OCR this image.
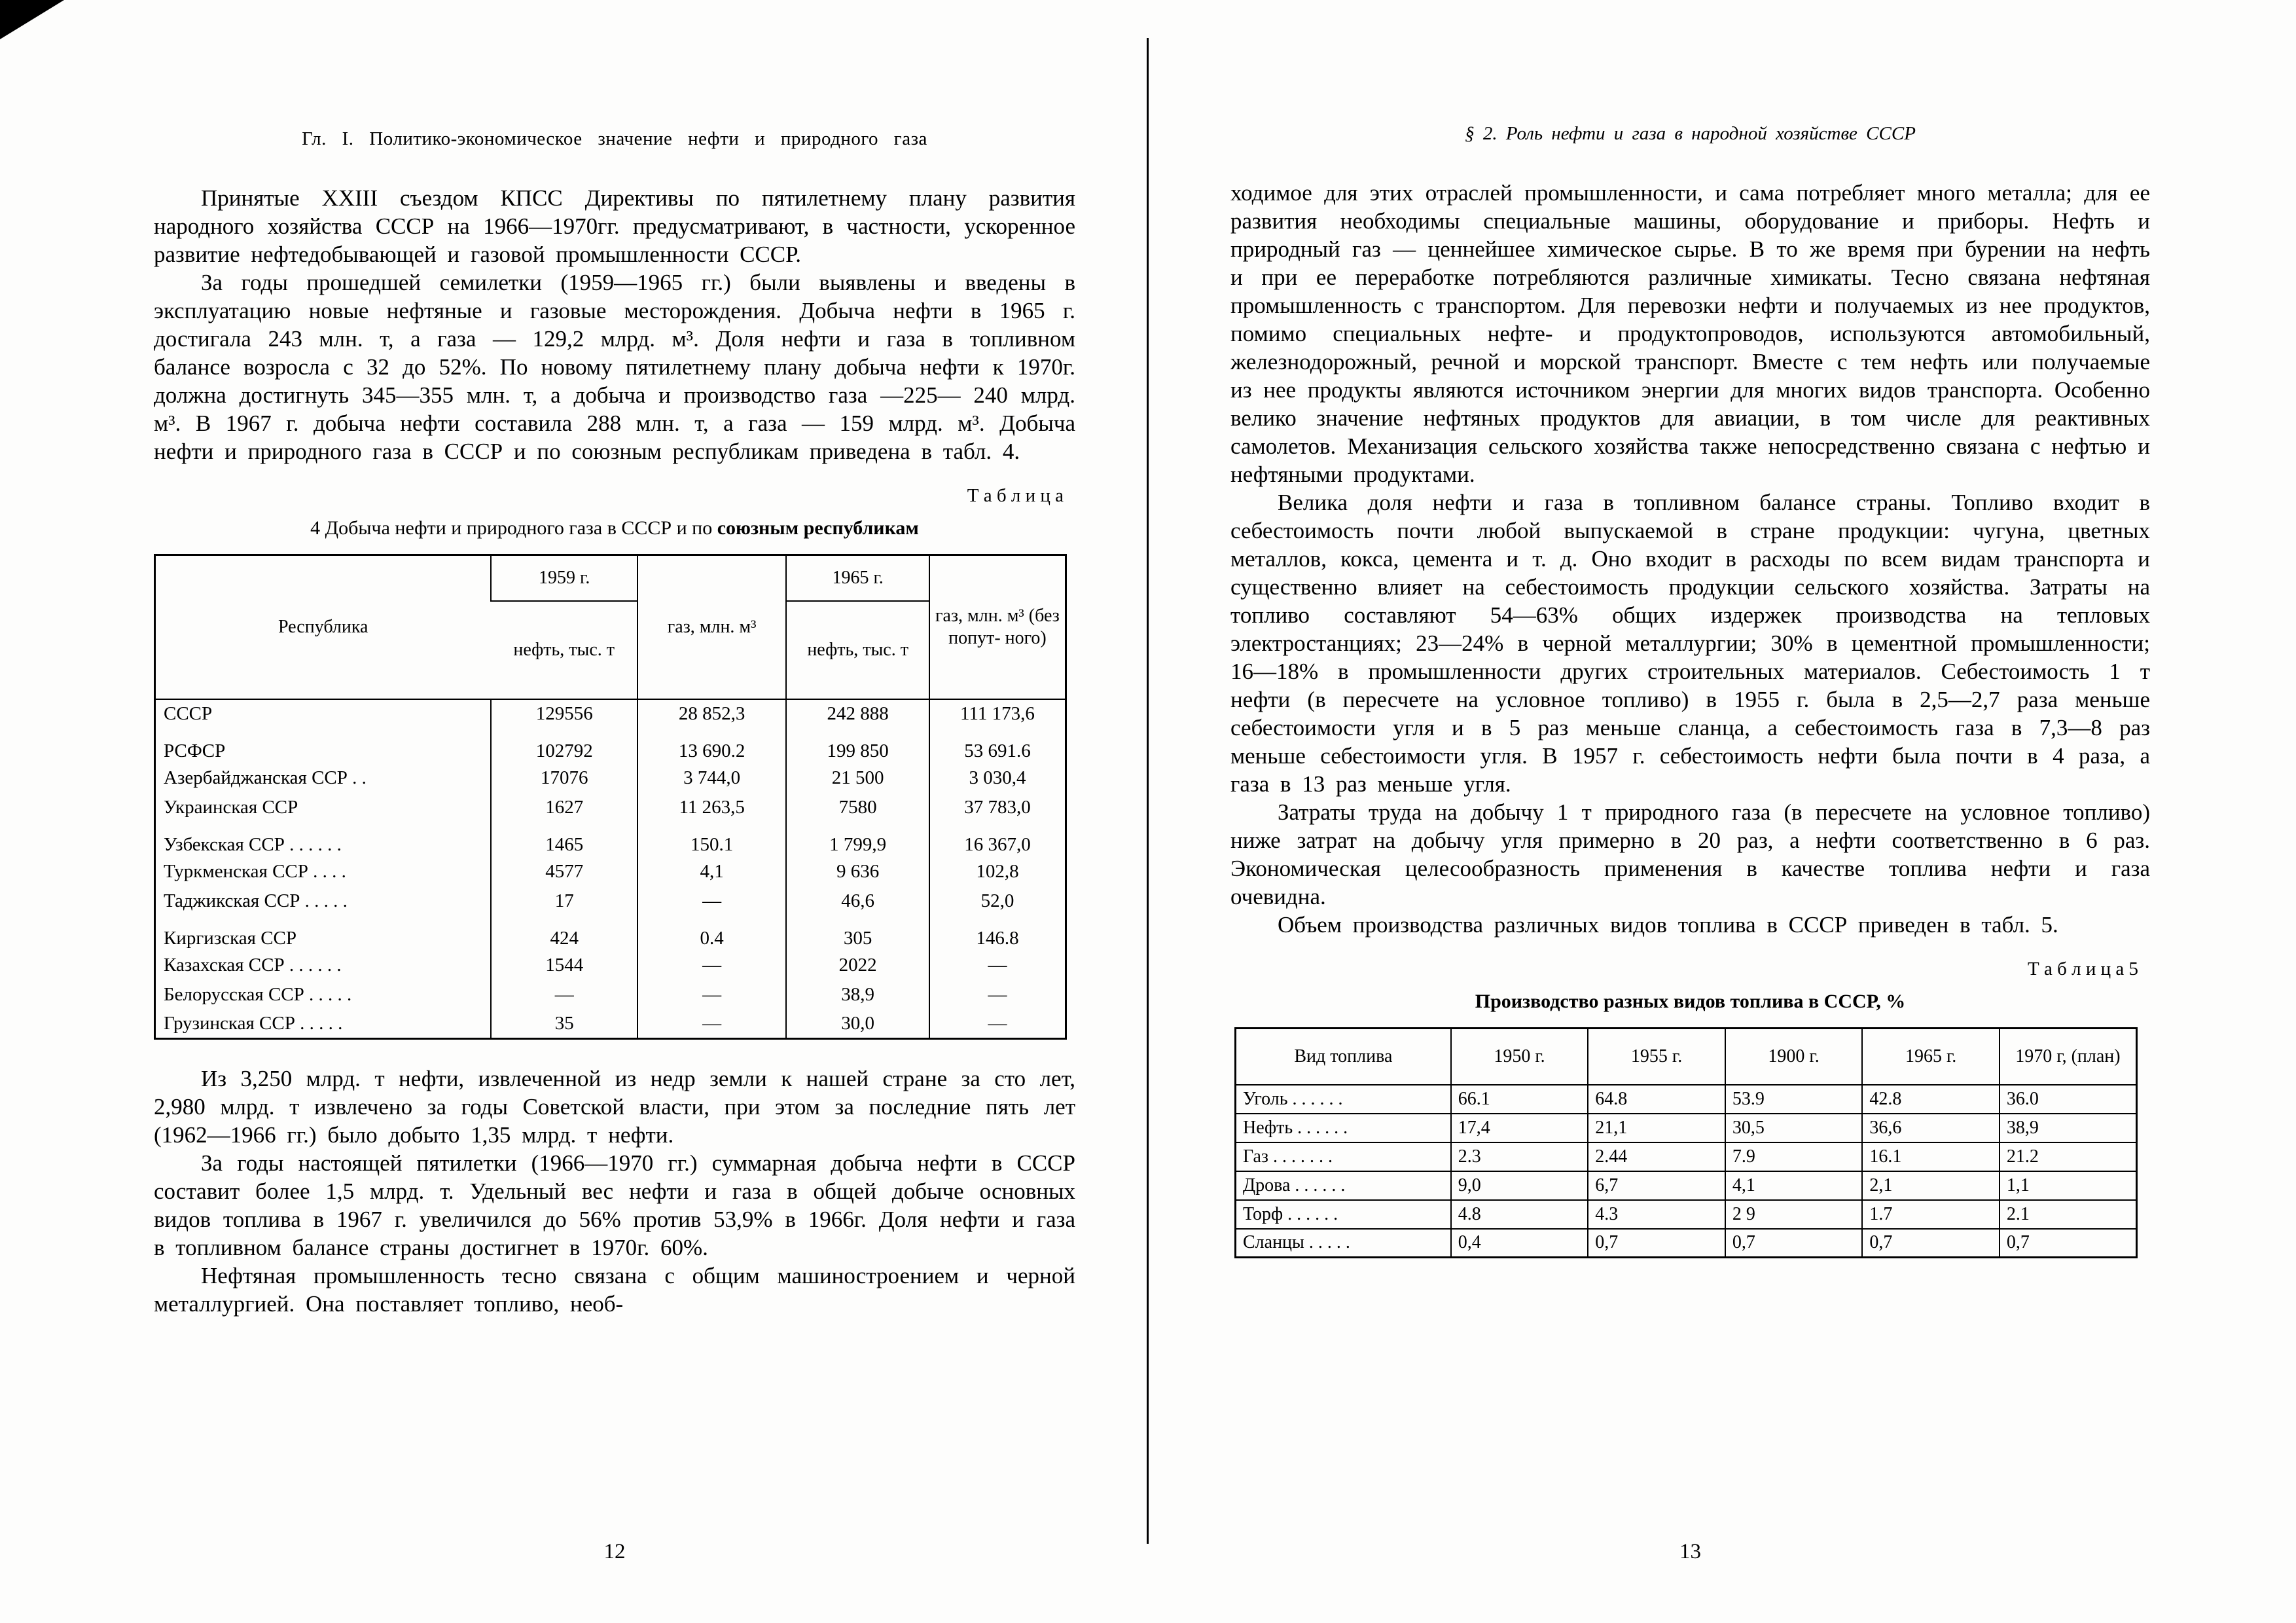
Гл. I. Политико-экономическое значение нефти и природного газа

Принятые XXIII съездом КПСС Директивы по пятилетнему плану развития народного хозяйства СССР на 1966—1970гг. предусматривают, в частности, ускоренное развитие нефтедобывающей и газовой промышленности СССР.

За годы прошедшей семилетки (1959—1965 гг.) были выявлены и введены в эксплуатацию новые нефтяные и газовые месторождения. Добыча нефти в 1965 г. достигала 243 млн. т, а газа — 129,2 млрд. м³. Доля нефти и газа в топливном балансе возросла с 32 до 52%. По новому пятилетнему плану добыча нефти к 1970г. должна достигнуть 345—355 млн. т, а добыча и производство газа —225— 240 млрд. м³. В 1967 г. добыча нефти составила 288 млн. т, а газа — 159 млрд. м³. Добыча нефти и природного газа в СССР и по союзным республикам приведена в табл. 4.

Т а б л и ц а
4 Добыча нефти и природного газа в СССР и по союзным республикам
Республика	1959 г.	газ, млн. м³	1965 г.	газ, млн. м³ (без попут- ного)
	нефть, тыс. т		нефть, тыс. т	
СССР	129556	28 852,3	242 888	111 173,6
РСФСР	102792	13 690.2	199 850	53 691.6
Азербайджанская ССР . .	17076	3 744,0	21 500	3 030,4
Украинская ССР	1627	11 263,5	7580	37 783,0
Узбекская ССР . . . . . .	1465	150.1	1 799,9	16 367,0
Туркменская ССР . . . .	4577	4,1	9 636	102,8
Таджикская ССР . . . . .	17	—	46,6	52,0
Киргизская ССР	424	0.4	305	146.8
Казахская ССР . . . . . .	1544	—	2022	—
Белорусская ССР . . . . .	—	—	38,9	—
Грузинская ССР . . . . .	35	—	30,0	—

Из 3,250 млрд. т нефти, извлеченной из недр земли к нашей стране за сто лет, 2,980 млрд. т извлечено за годы Советской власти, при этом за последние пять лет (1962—1966 гг.) было добыто 1,35 млрд. т нефти.

За годы настоящей пятилетки (1966—1970 гг.) суммарная добыча нефти в СССР составит более 1,5 млрд. т. Удельный вес нефти и газа в общей добыче основных видов топлива в 1967 г. увеличился до 56% против 53,9% в 1966г. Доля нефти и газа в топливном балансе страны достигнет в 1970г. 60%.

Нефтяная промышленность тесно связана с общим машиностроением и черной металлургией. Она поставляет топливо, необ-

12
§ 2. Роль нефти и газа в народной хозяйстве СССР

ходимое для этих отраслей промышленности, и сама потребляет много металла; для ее развития необходимы специальные машины, оборудование и приборы. Нефть и природный газ — ценнейшее химическое сырье. В то же время при бурении на нефть и при ее переработке потребляются различные химикаты. Тесно связана нефтяная промышленность с транспортом. Для перевозки нефти и получаемых из нее продуктов, помимо специальных нефте- и продуктопроводов, используются автомобильный, железнодорожный, речной и морской транспорт. Вместе с тем нефть или получаемые из нее продукты являются источником энергии для многих видов транспорта. Особенно велико значение нефтяных продуктов для авиации, в том числе для реактивных самолетов. Механизация сельского хозяйства также непосредственно связана с нефтью и нефтяными продуктами.

Велика доля нефти и газа в топливном балансе страны. Топливо входит в себестоимость почти любой выпускаемой в стране продукции: чугуна, цветных металлов, кокса, цемента и т. д. Оно входит в расходы по всем видам транспорта и существенно влияет на себестоимость продукции сельского хозяйства. Затраты на топливо составляют 54—63% общих издержек производства на тепловых электростанциях; 23—24% в черной металлургии; 30% в цементной промышленности; 16—18% в промышленности других строительных материалов. Себестоимость 1 т нефти (в пересчете на условное топливо) в 1955 г. была в 2,5—2,7 раза меньше себестоимости угля и в 5 раз меньше сланца, а себестоимость газа в 7,3—8 раз меньше себестоимости угля. В 1957 г. себестоимость нефти была почти в 4 раза, а газа в 13 раз меньше угля.

Затраты труда на добычу 1 т природного газа (в пересчете на условное топливо) ниже затрат на добычу угля примерно в 20 раз, а нефти соответственно в 6 раз. Экономическая целесообразность применения в качестве топлива нефти и газа очевидна.

Объем производства различных видов топлива в СССР приведен в табл. 5.

Т а б л и ц а 5
Производство разных видов топлива в СССР, %
Вид топлива	1950 г.	1955 г.	1900 г.	1965 г.	1970 г, (план)
Уголь . . . . . .	66.1	64.8	53.9	42.8	36.0
Нефть . . . . . .	17,4	21,1	30,5	36,6	38,9
Газ . . . . . . .	2.3	2.44	7.9	16.1	21.2
Дрова . . . . . .	9,0	6,7	4,1	2,1	1,1
Торф . . . . . .	4.8	4.3	2 9	1.7	2.1
Сланцы . . . . .	0,4	0,7	0,7	0,7	0,7
13
